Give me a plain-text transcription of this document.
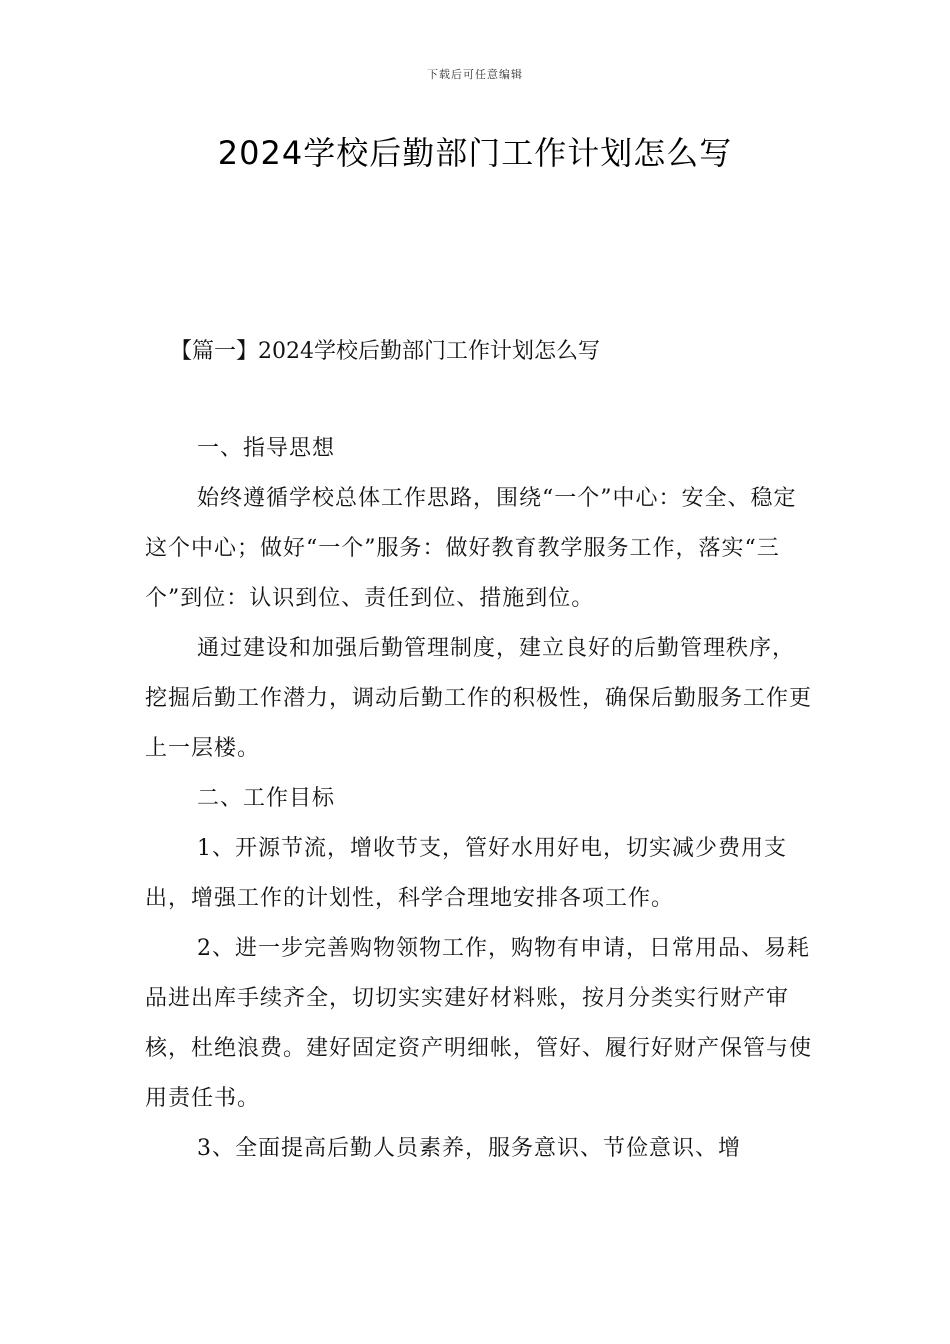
下载后可任意编辑
2024学校后勤部门工作计划怎么写
【篇一】2024学校后勤部门工作计划怎么写

一、指导思想

始终遵循学校总体工作思路，围绕“一个”中心：安全、稳定这个中心；做好“一个”服务：做好教育教学服务工作，落实“三个”到位：认识到位、责任到位、措施到位。

通过建设和加强后勤管理制度，建立良好的后勤管理秩序，挖掘后勤工作潜力，调动后勤工作的积极性，确保后勤服务工作更上一层楼。

二、工作目标

1、开源节流，增收节支，管好水用好电，切实减少费用支出，增强工作的计划性，科学合理地安排各项工作。

2、进一步完善购物领物工作，购物有申请，日常用品、易耗品进出库手续齐全，切切实实建好材料账，按月分类实行财产审核，杜绝浪费。建好固定资产明细帐，管好、履行好财产保管与使用责任书。

3、全面提高后勤人员素养，服务意识、节俭意识、增
